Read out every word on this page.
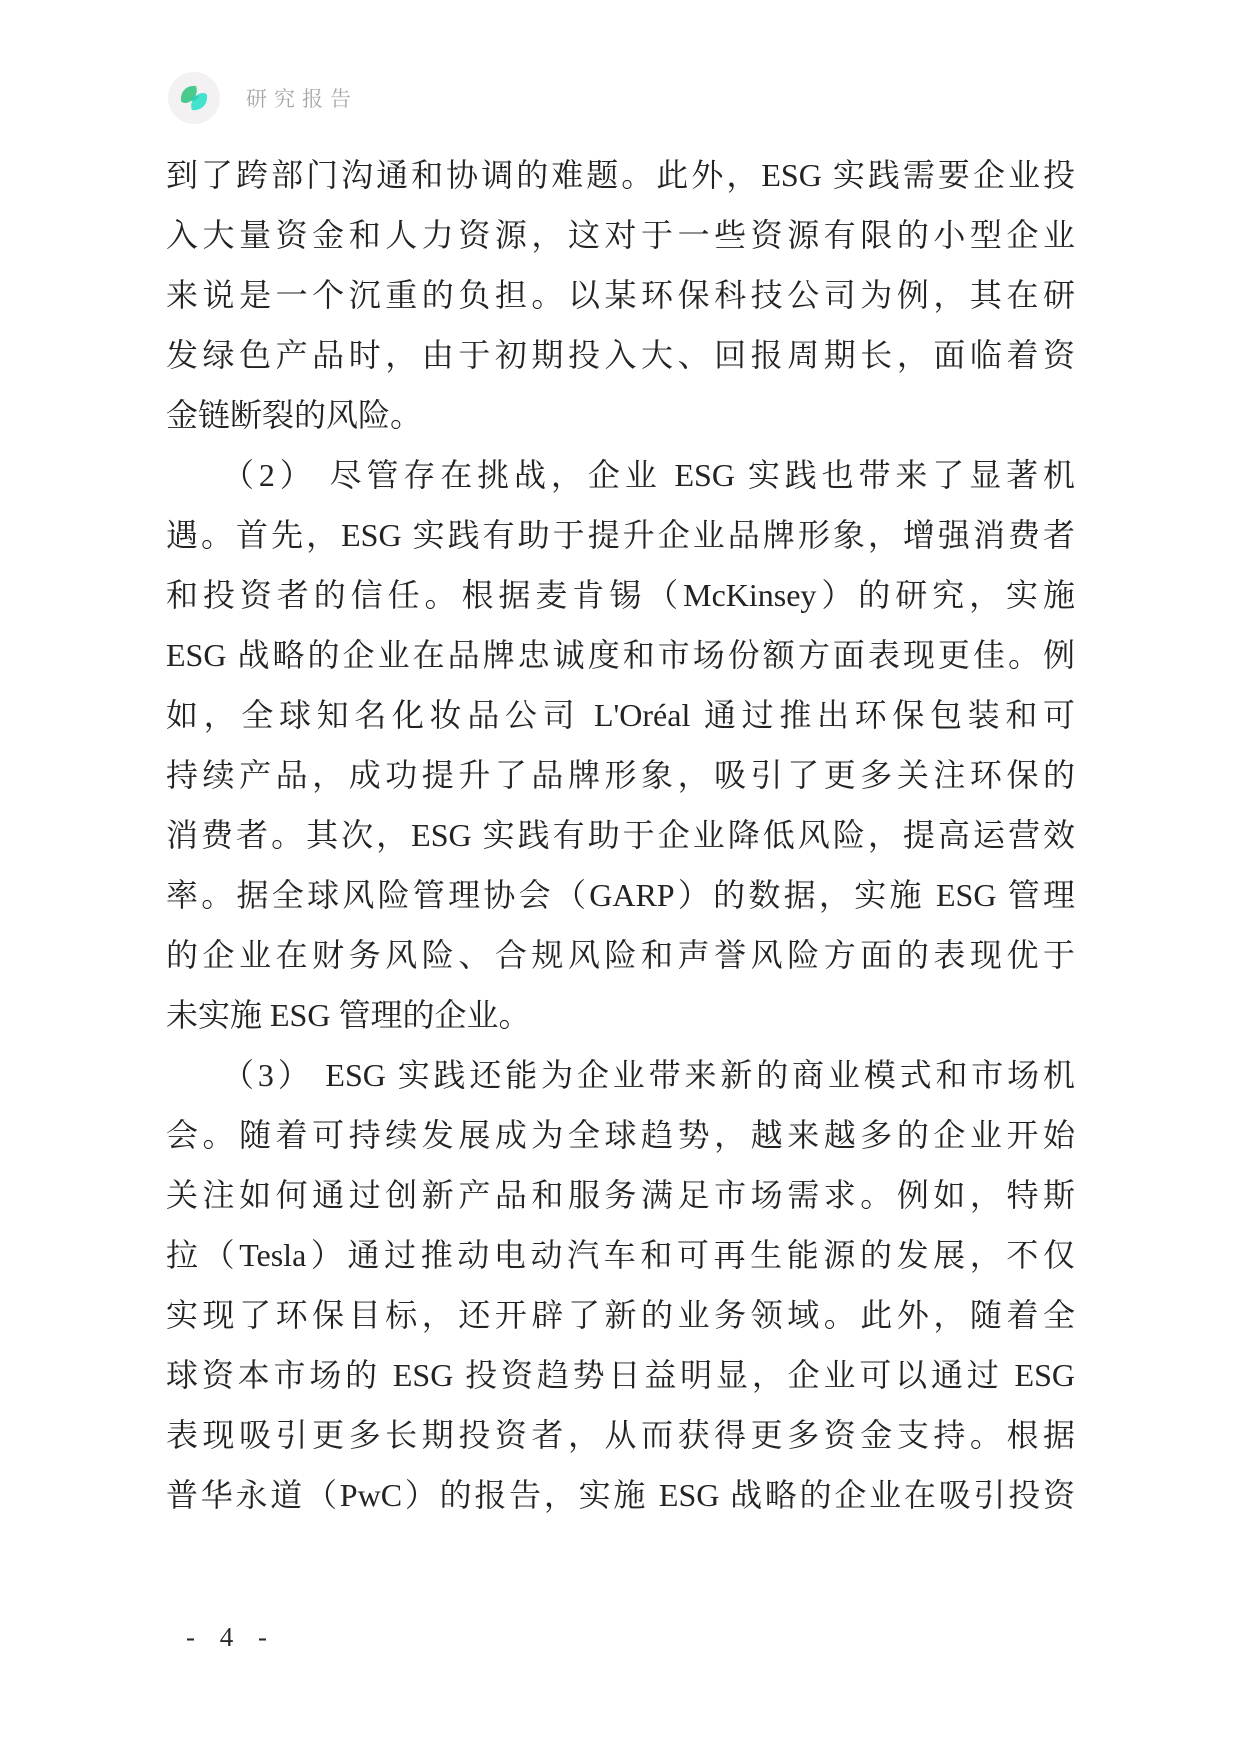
研究报告
到了跨部门沟通和协调的难题。此外，ESG 实践需要企业投
入大量资金和人力资源，这对于一些资源有限的小型企业
来说是一个沉重的负担。以某环保科技公司为例，其在研
发绿色产品时，由于初期投入大、回报周期长，面临着资
金链断裂的风险。
（2） 尽管存在挑战，企业 ESG 实践也带来了显著机
遇。首先，ESG 实践有助于提升企业品牌形象，增强消费者
和投资者的信任。根据麦肯锡（McKinsey）的研究，实施
ESG 战略的企业在品牌忠诚度和市场份额方面表现更佳。例
如，全球知名化妆品公司 L'Oréal 通过推出环保包装和可
持续产品，成功提升了品牌形象，吸引了更多关注环保的
消费者。其次，ESG 实践有助于企业降低风险，提高运营效
率。据全球风险管理协会（GARP）的数据，实施 ESG 管理
的企业在财务风险、合规风险和声誉风险方面的表现优于
未实施 ESG 管理的企业。
（3） ESG 实践还能为企业带来新的商业模式和市场机
会。随着可持续发展成为全球趋势，越来越多的企业开始
关注如何通过创新产品和服务满足市场需求。例如，特斯
拉（Tesla）通过推动电动汽车和可再生能源的发展，不仅
实现了环保目标，还开辟了新的业务领域。此外，随着全
球资本市场的 ESG 投资趋势日益明显，企业可以通过 ESG
表现吸引更多长期投资者，从而获得更多资金支持。根据
普华永道（PwC）的报告，实施 ESG 战略的企业在吸引投资
- 4 -
